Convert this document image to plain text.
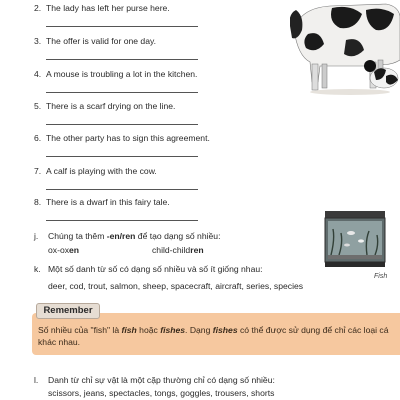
2. The lady has left her purse here.
3. The offer is valid for one day.
4. A mouse is troubling a lot in the kitchen.
5. There is a scarf drying on the line.
6. The other party has to sign this agreement.
7. A calf is playing with the cow.
8. There is a dwarf in this fairy tale.
j. Chúng ta thêm -en/ren để tạo dạng số nhiều:
ox-oxen	child-children
Fish
k. Một số danh từ số có dạng số nhiều và số ít giống nhau:
deer, cod, trout, salmon, sheep, spacecraft, aircraft, series, species
Remember
Số nhiều của "fish" là fish hoặc fishes. Dạng fishes có thể được sử dụng để chỉ các loại cá
khác nhau.
l. Danh từ chỉ sự vật là một cặp thường chỉ có dạng số nhiều:
scissors, jeans, spectacles, tongs, goggles, trousers, shorts
